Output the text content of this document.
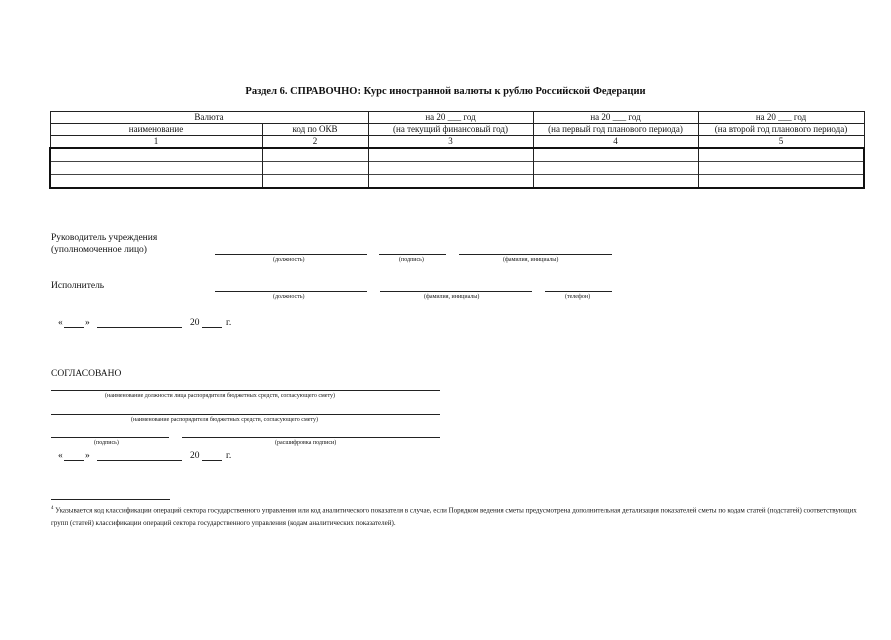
Раздел 6. СПРАВОЧНО: Курс иностранной валюты к рублю Российской Федерации
Валюта		на 20 ___ год	на 20 ___ год	на 20 ___ год
наименование	код по ОКВ	(на текущий финансовый год)	(на первый год планового периода)	(на второй год планового периода)
1	2	3	4	5

Руководитель учреждения
(уполномоченное лицо)
(должность)	(подпись)	(фамилия, инициалы)
Исполнитель
(должность)	(фамилия, инициалы)	(телефон)
« »	20	г.
СОГЛАСОВАНО
(наименование должности лица распорядителя бюджетных средств, согласующего смету)
(наименование распорядителя бюджетных средств, согласующего смету)
(подпись)	(расшифровка подписи)
« »	20	г.
$^4$ Указывается код классификации операций сектора государственного управления или код аналитического показателя в случае, если Порядком ведения сметы предусмотрена дополнительная детализация показателей сметы по кодам статей (подстатей) соответствующих групп (статей) классификации операций сектора государственного управления (кодам аналитических показателей).
